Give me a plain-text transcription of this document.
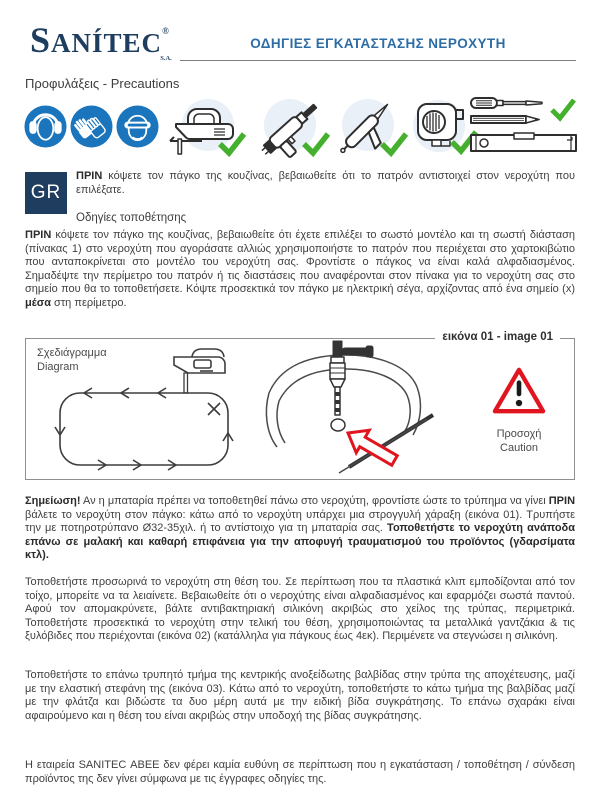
SANÍTEC®
S.A.
ΟΔΗΓΙΕΣ ΕΓΚΑΤΑΣΤΑΣΗΣ ΝΕΡΟΧΥΤΗ
Προφυλάξεις - Precautions
GR

ΠΡΙΝ κόψετε τον πάγκο της κουζίνας, βεβαιωθείτε ότι το πατρόν αντιστοιχεί στον νεροχύτη που επιλέξατε.

Οδηγίες τοποθέτησης

ΠΡΙΝ κόψετε τον πάγκο της κουζίνας, βεβαιωθείτε ότι έχετε επιλέξει το σωστό μοντέλο και τη σωστή διάσταση (πίνακας 1) στο νεροχύτη που αγοράσατε αλλιώς χρησιμοποιήστε το πατρόν που περιέχεται στο χαρτοκιβώτιο που ανταποκρίνεται στο μοντέλο του νεροχύτη σας. Φροντίστε ο πάγκος να είναι καλά αλφαδιασμένος. Σημαδέψτε την περίμετρο του πατρόν ή τις διαστάσεις που αναφέρονται στον πίνακα για το νεροχύτη σας στο σημείο που θα το τοποθετήσετε. Κόψτε προσεκτικά τον πάγκο με ηλεκτρική σέγα, αρχίζοντας από ένα σημείο (x) μέσα στη περίμετρο.

εικόνα 01 - image 01
Σχεδιάγραμμα
Diagram
Προσοχή
Caution

Σημείωση! Αν η μπαταρία πρέπει να τοποθετηθεί πάνω στο νεροχύτη, φροντίστε ώστε το τρύπημα να γίνει ΠΡΙΝ βάλετε το νεροχύτη στον πάγκο: κάτω από το νεροχύτη υπάρχει μια στρογγυλή χάραξη (εικόνα 01). Τρυπήστε την με ποτηροτρύπανο Ø32-35χιλ. ή το αντίστοιχο για τη μπαταρία σας. Τοποθετήστε το νεροχύτη ανάποδα επάνω σε μαλακή και καθαρή επιφάνεια για την αποφυγή τραυματισμού του προϊόντος (γδαρσίματα κτλ).

Τοποθετήστε προσωρινά το νεροχύτη στη θέση του. Σε περίπτωση που τα πλαστικά κλιπ εμποδίζονται από τον τοίχο, μπορείτε να τα λειαίνετε. Βεβαιωθείτε ότι ο νεροχύτης είναι αλφαδιασμένος και εφαρμόζει σωστά παντού. Αφού τον απομακρύνετε, βάλτε αντιβακτηριακή σιλικόνη ακριβώς στο χείλος της τρύπας, περιμετρικά. Τοποθετήστε προσεκτικά το νεροχύτη στην τελική του θέση, χρησιμοποιώντας τα μεταλλικά γαντζάκια & τις ξυλόβιδες που περιέχονται (εικόνα 02) (κατάλληλα για πάγκους έως 4εκ). Περιμένετε να στεγνώσει η σιλικόνη.

Τοποθετήστε το επάνω τρυπητό τμήμα της κεντρικής ανοξείδωτης βαλβίδας στην τρύπα της αποχέτευσης, μαζί με την ελαστική στεφάνη της (εικόνα 03). Κάτω από το νεροχύτη, τοποθετήστε το κάτω τμήμα της βαλβίδας μαζί με την φλάτζα και βιδώστε τα δυο μέρη αυτά με την ειδική βίδα συγκράτησης. Το επάνω σχαράκι είναι αφαιρούμενο και η θέση του είναι ακριβώς στην υποδοχή της βίδας συγκράτησης.

Η εταιρεία SANITEC ΑΒΕΕ δεν φέρει καμία ευθύνη σε περίπτωση που η εγκατάσταση / τοποθέτηση / σύνδεση προϊόντος της δεν γίνει σύμφωνα με τις έγγραφες οδηγίες της.
